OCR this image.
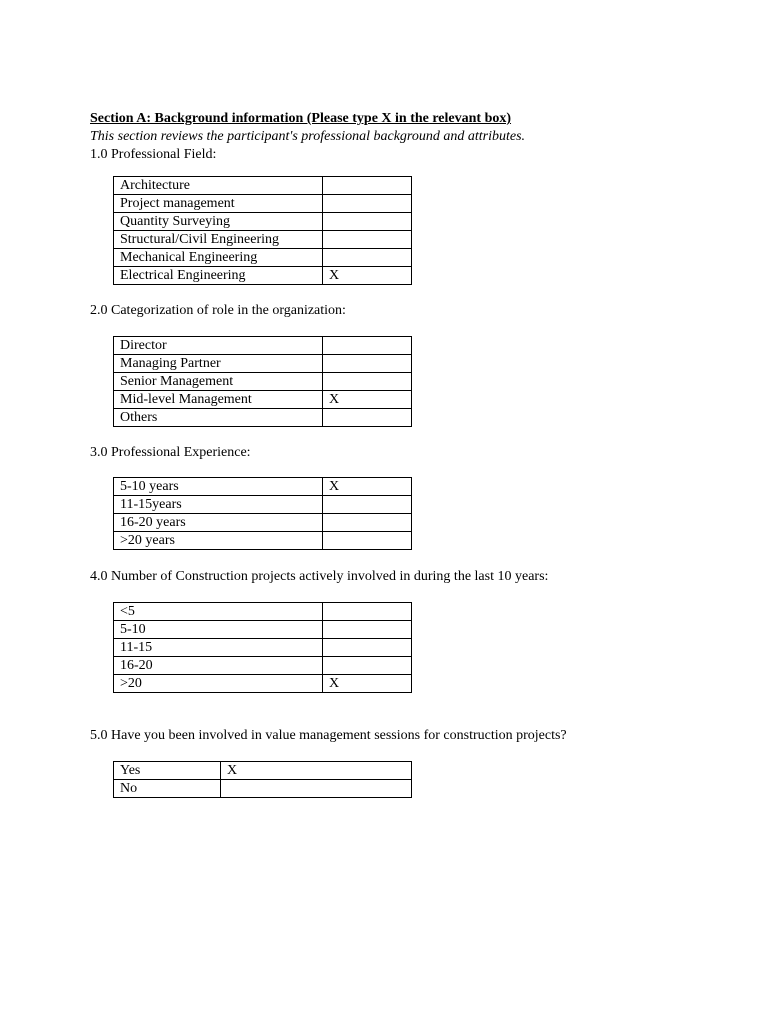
Section A: Background information (Please type X in the relevant box)
This section reviews the participant's professional background and attributes.
1.0 Professional Field:
Architecture	
Project management	
Quantity Surveying	
Structural/Civil Engineering	
Mechanical Engineering	
Electrical Engineering	X
2.0 Categorization of role in the organization:
Director	
Managing Partner	
Senior Management	
Mid-level Management	X
Others	
3.0 Professional Experience:
5-10 years	X
11-15years	
16-20 years	
>20 years	
4.0 Number of Construction projects actively involved in during the last 10 years:
<5	
5-10	
11-15	
16-20	
>20	X
5.0 Have you been involved in value management sessions for construction projects?
Yes	X
No	
